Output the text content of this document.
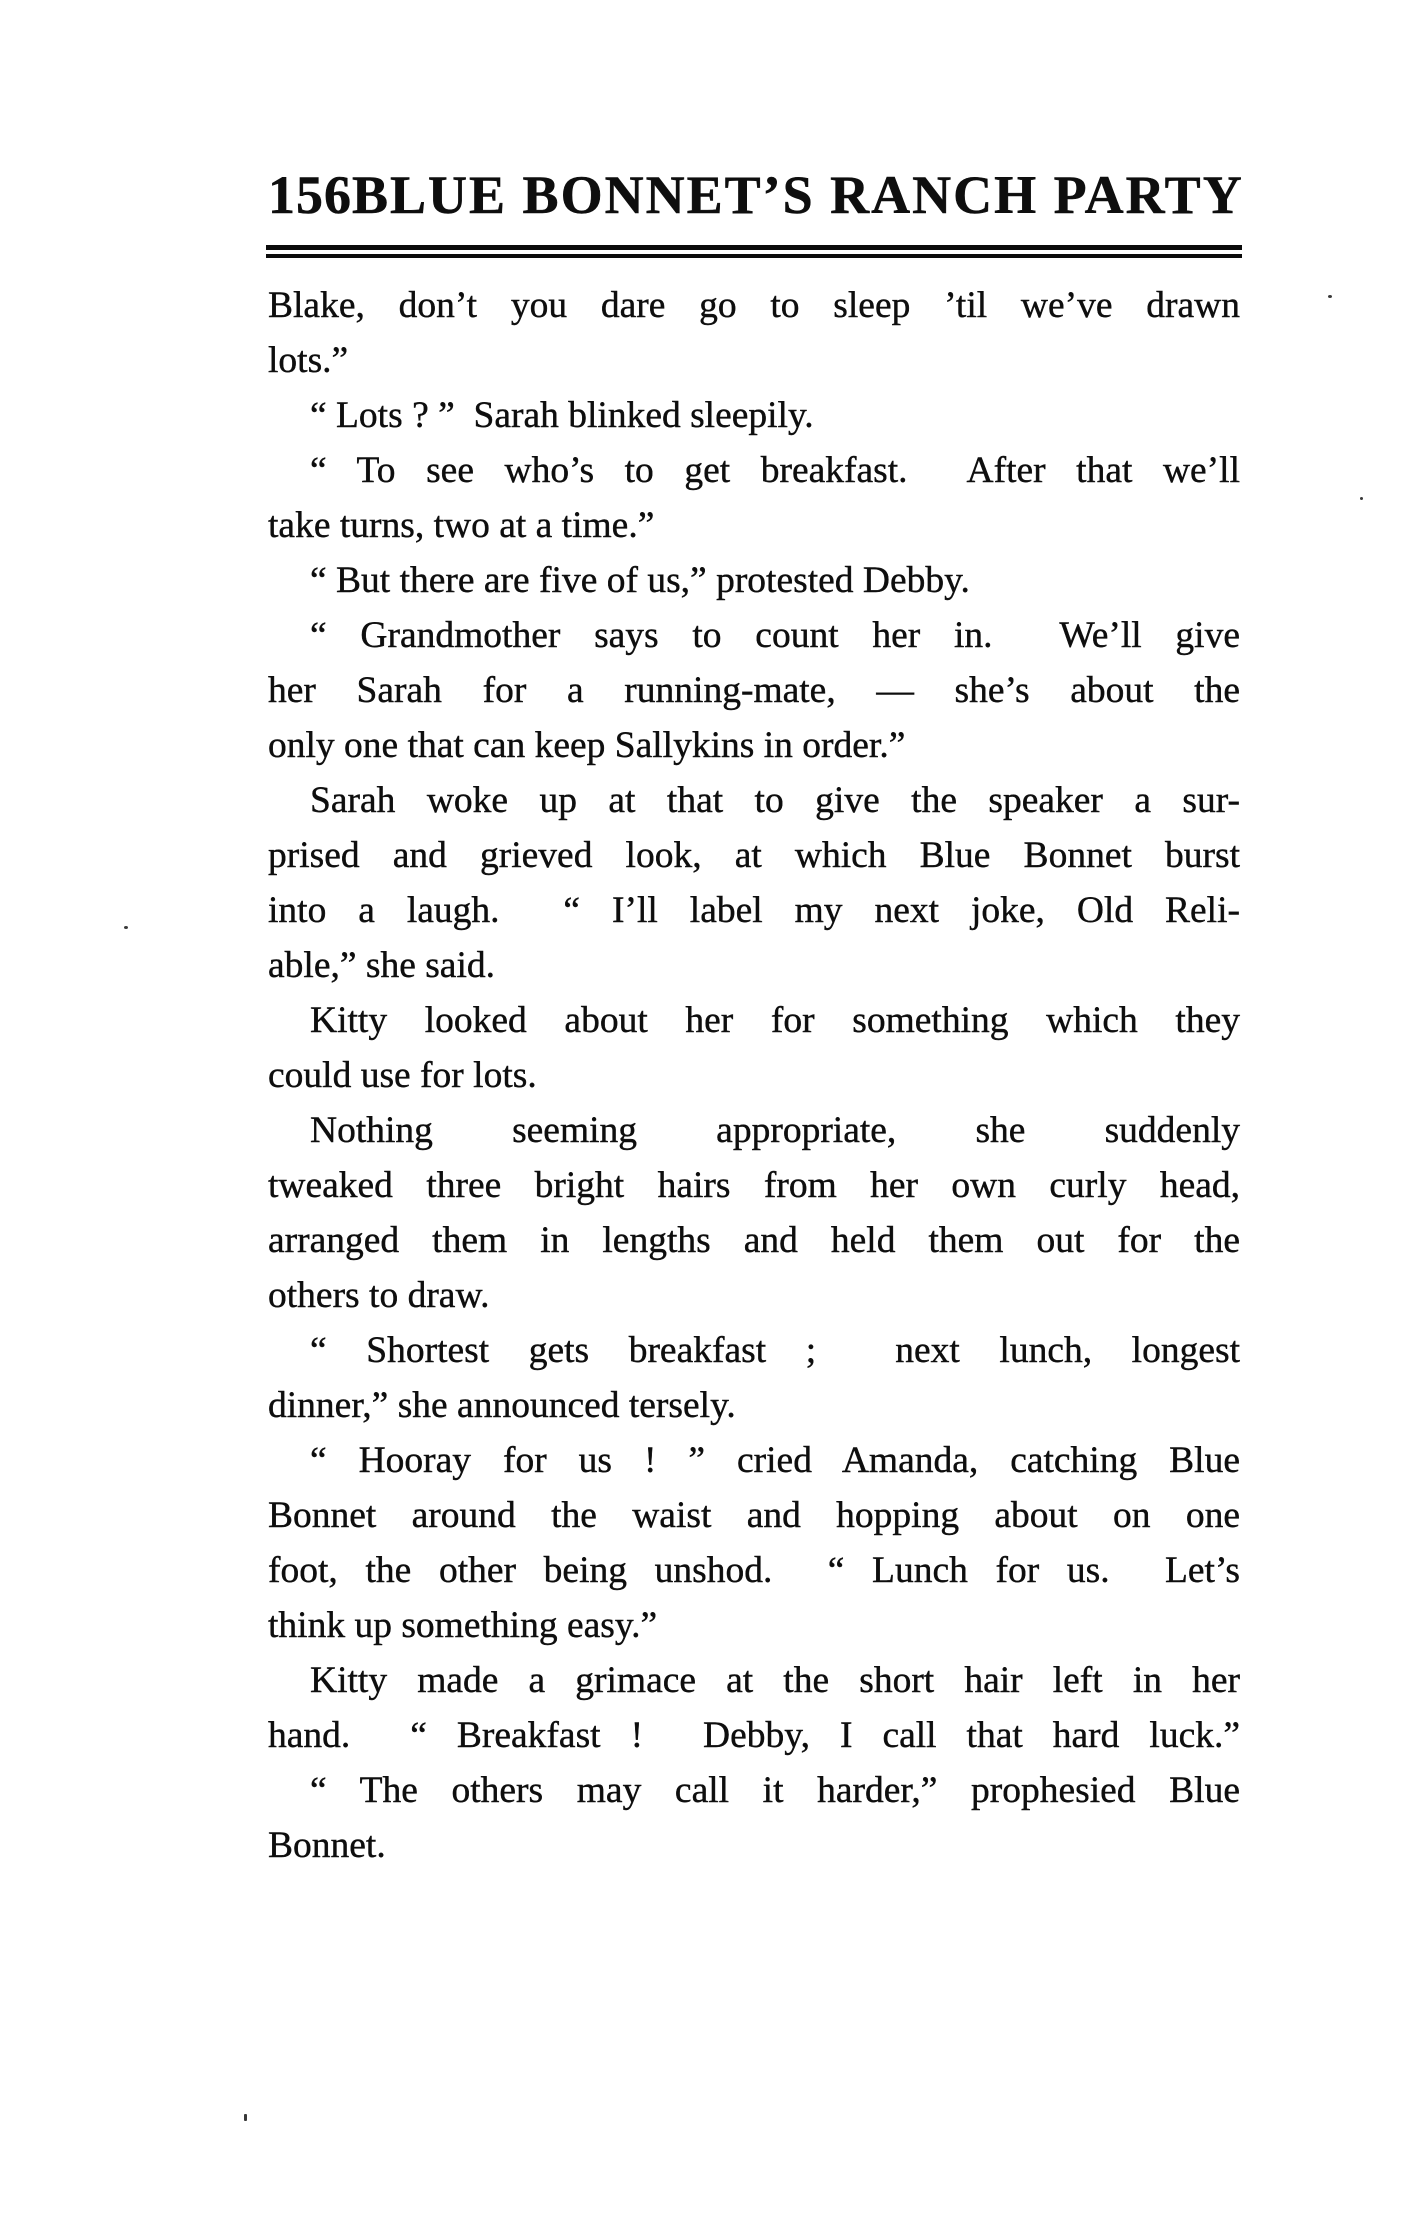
156 BLUE BONNET’S RANCH PARTY
Blake, don’t you dare go to sleep ’til we’ve drawn
lots.”
“ Lots ? ”  Sarah blinked sleepily.
“ To see who’s to get breakfast.  After that we’ll
take turns, two at a time.”
“ But there are five of us,” protested Debby.
“ Grandmother says to count her in.  We’ll give
her Sarah for a running-mate, — she’s about the
only one that can keep Sallykins in order.”
Sarah woke up at that to give the speaker a sur-
prised and grieved look, at which Blue Bonnet burst
into a laugh.  “ I’ll label my next joke, Old Reli-
able,” she said.
Kitty looked about her for something which they
could use for lots.
Nothing seeming appropriate, she suddenly
tweaked three bright hairs from her own curly head,
arranged them in lengths and held them out for the
others to draw.
“ Shortest gets breakfast ;  next lunch, longest
dinner,” she announced tersely.
“ Hooray for us ! ” cried Amanda, catching Blue
Bonnet around the waist and hopping about on one
foot, the other being unshod.  “ Lunch for us.  Let’s
think up something easy.”
Kitty made a grimace at the short hair left in her
hand.  “ Breakfast !  Debby, I call that hard luck.”
“ The others may call it harder,” prophesied Blue
Bonnet.
